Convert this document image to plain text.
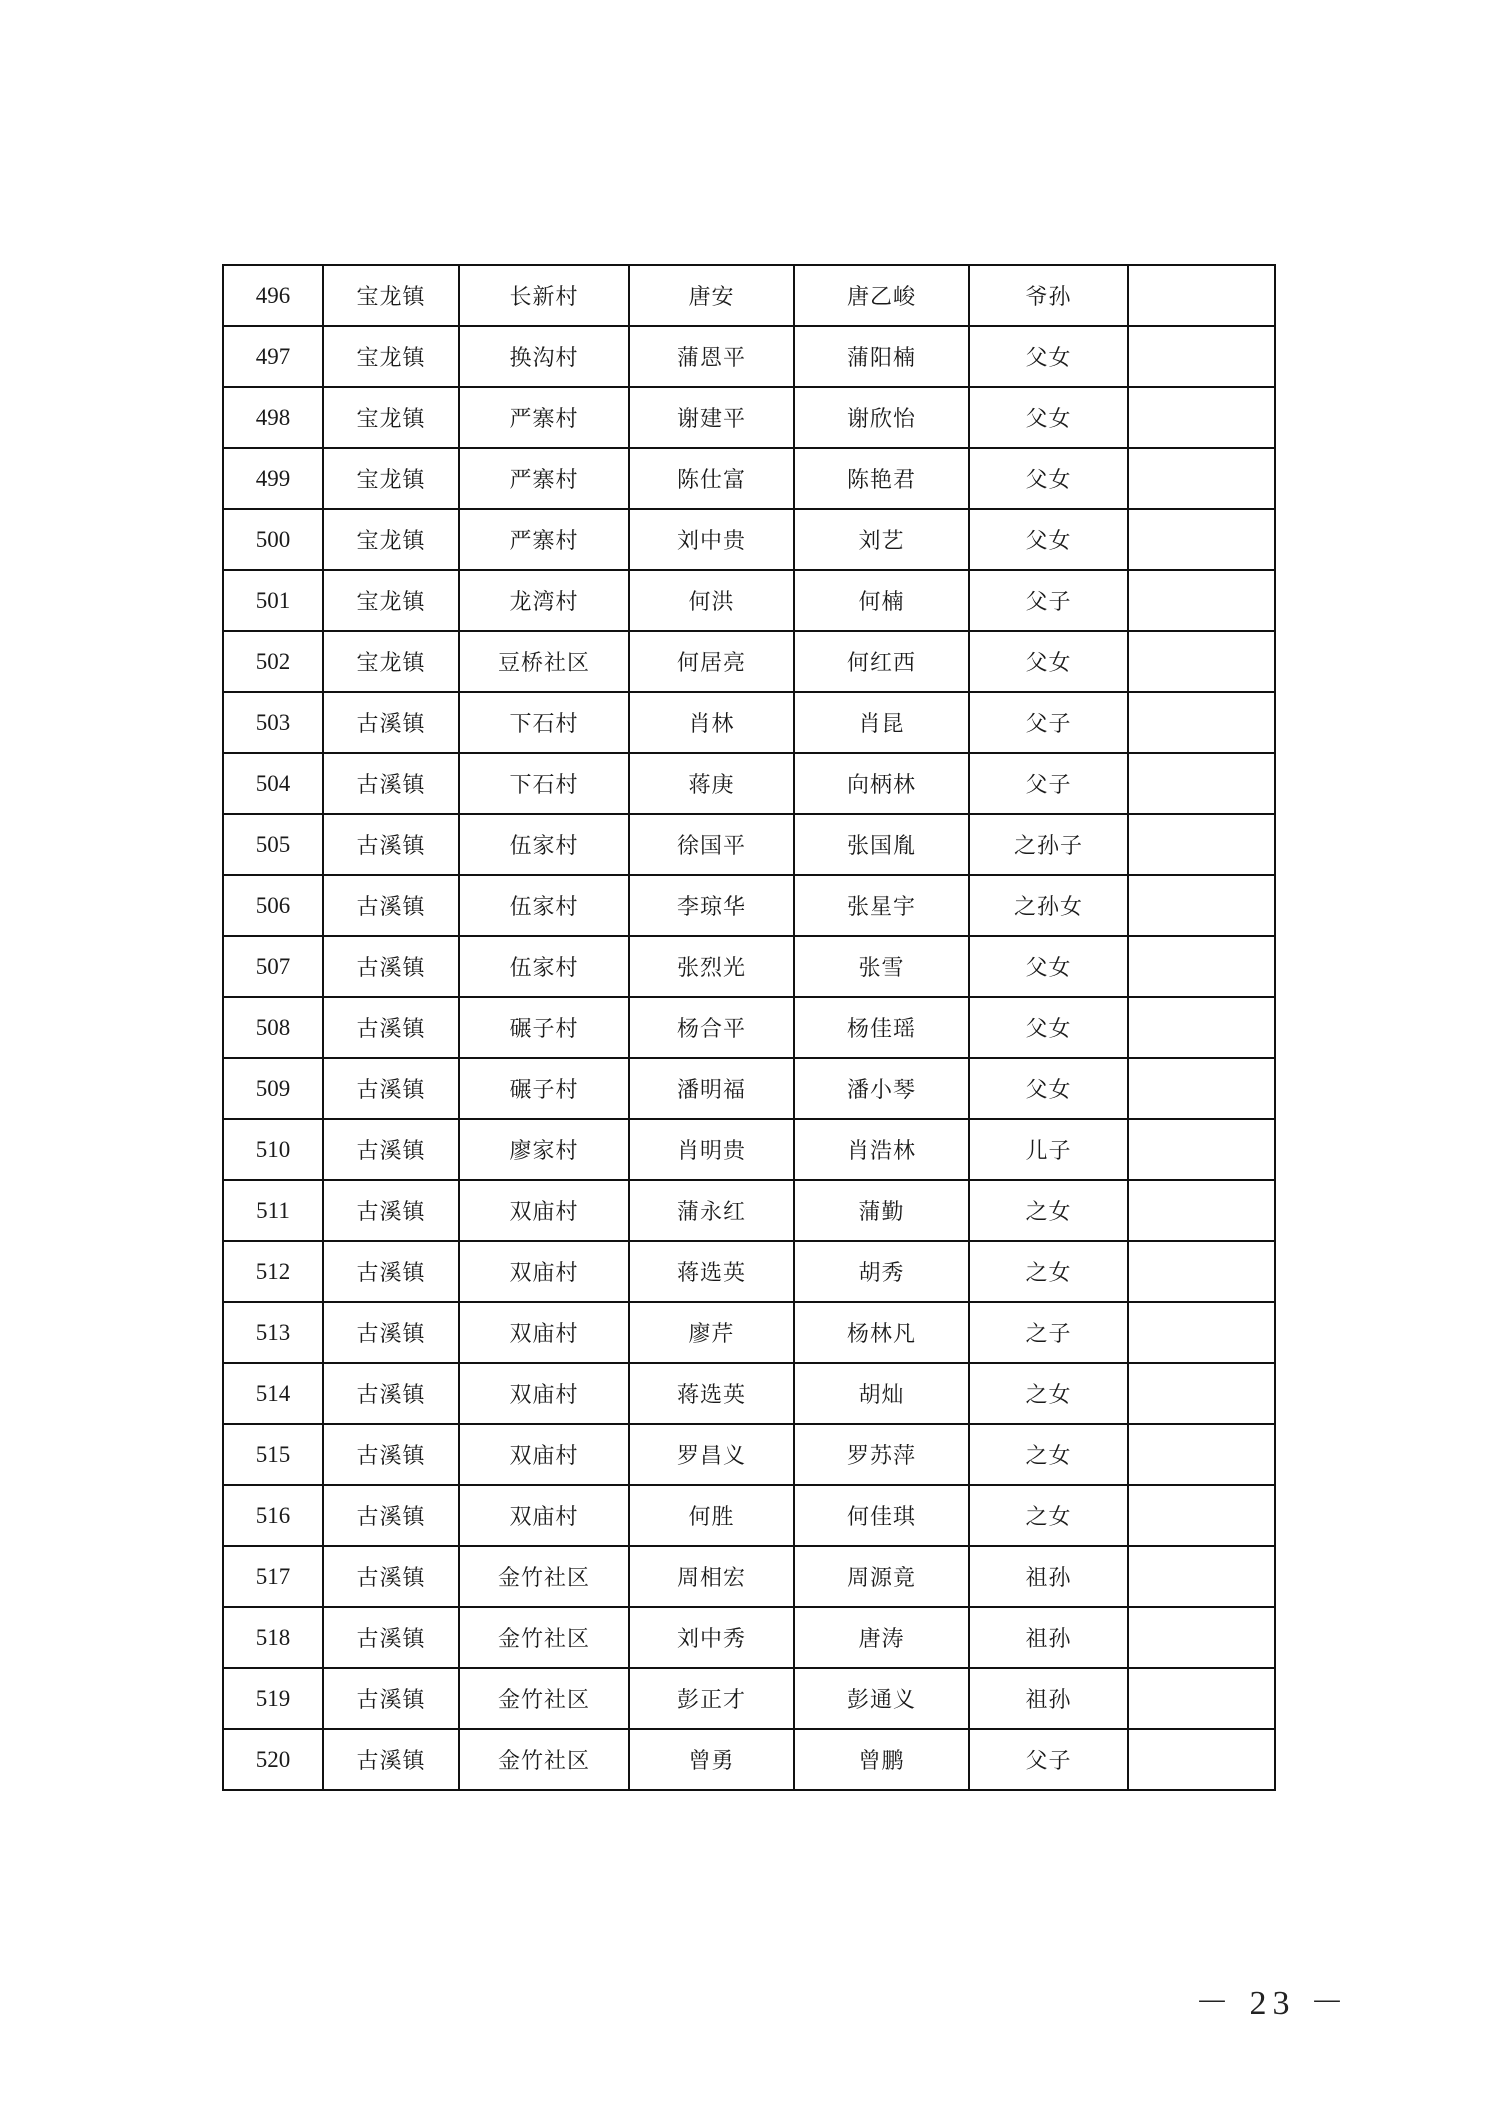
496	宝龙镇	长新村	唐安	唐乙峻	爷孙	
497	宝龙镇	换沟村	蒲恩平	蒲阳楠	父女	
498	宝龙镇	严寨村	谢建平	谢欣怡	父女	
499	宝龙镇	严寨村	陈仕富	陈艳君	父女	
500	宝龙镇	严寨村	刘中贵	刘艺	父女	
501	宝龙镇	龙湾村	何洪	何楠	父子	
502	宝龙镇	豆桥社区	何居亮	何红西	父女	
503	古溪镇	下石村	肖林	肖昆	父子	
504	古溪镇	下石村	蒋庚	向柄林	父子	
505	古溪镇	伍家村	徐国平	张国胤	之孙子	
506	古溪镇	伍家村	李琼华	张星宇	之孙女	
507	古溪镇	伍家村	张烈光	张雪	父女	
508	古溪镇	碾子村	杨合平	杨佳瑶	父女	
509	古溪镇	碾子村	潘明福	潘小琴	父女	
510	古溪镇	廖家村	肖明贵	肖浩林	儿子	
511	古溪镇	双庙村	蒲永红	蒲勤	之女	
512	古溪镇	双庙村	蒋选英	胡秀	之女	
513	古溪镇	双庙村	廖芹	杨林凡	之子	
514	古溪镇	双庙村	蒋选英	胡灿	之女	
515	古溪镇	双庙村	罗昌义	罗苏萍	之女	
516	古溪镇	双庙村	何胜	何佳琪	之女	
517	古溪镇	金竹社区	周相宏	周源竟	祖孙	
518	古溪镇	金竹社区	刘中秀	唐涛	祖孙	
519	古溪镇	金竹社区	彭正才	彭通义	祖孙	
520	古溪镇	金竹社区	曾勇	曾鹏	父子	
－ 23 －
